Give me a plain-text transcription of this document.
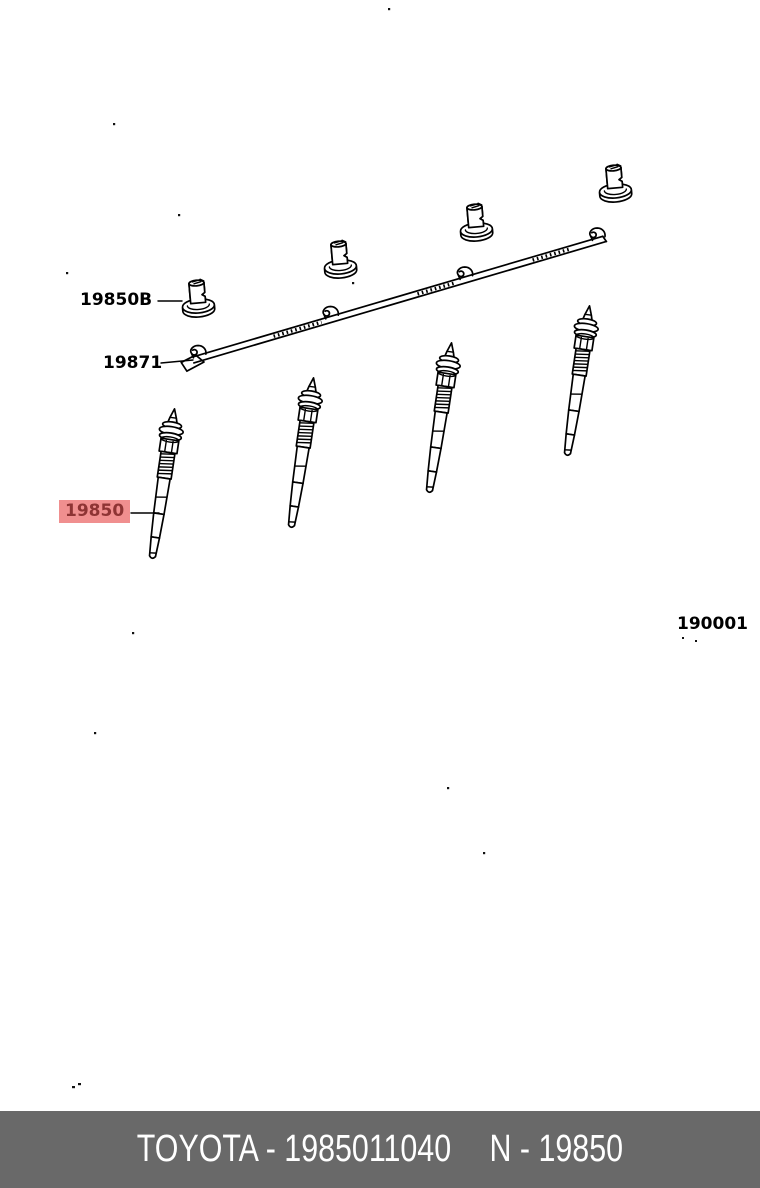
19850B
19871
19850
190001
TOYOTA - 1985011040 N - 19850
